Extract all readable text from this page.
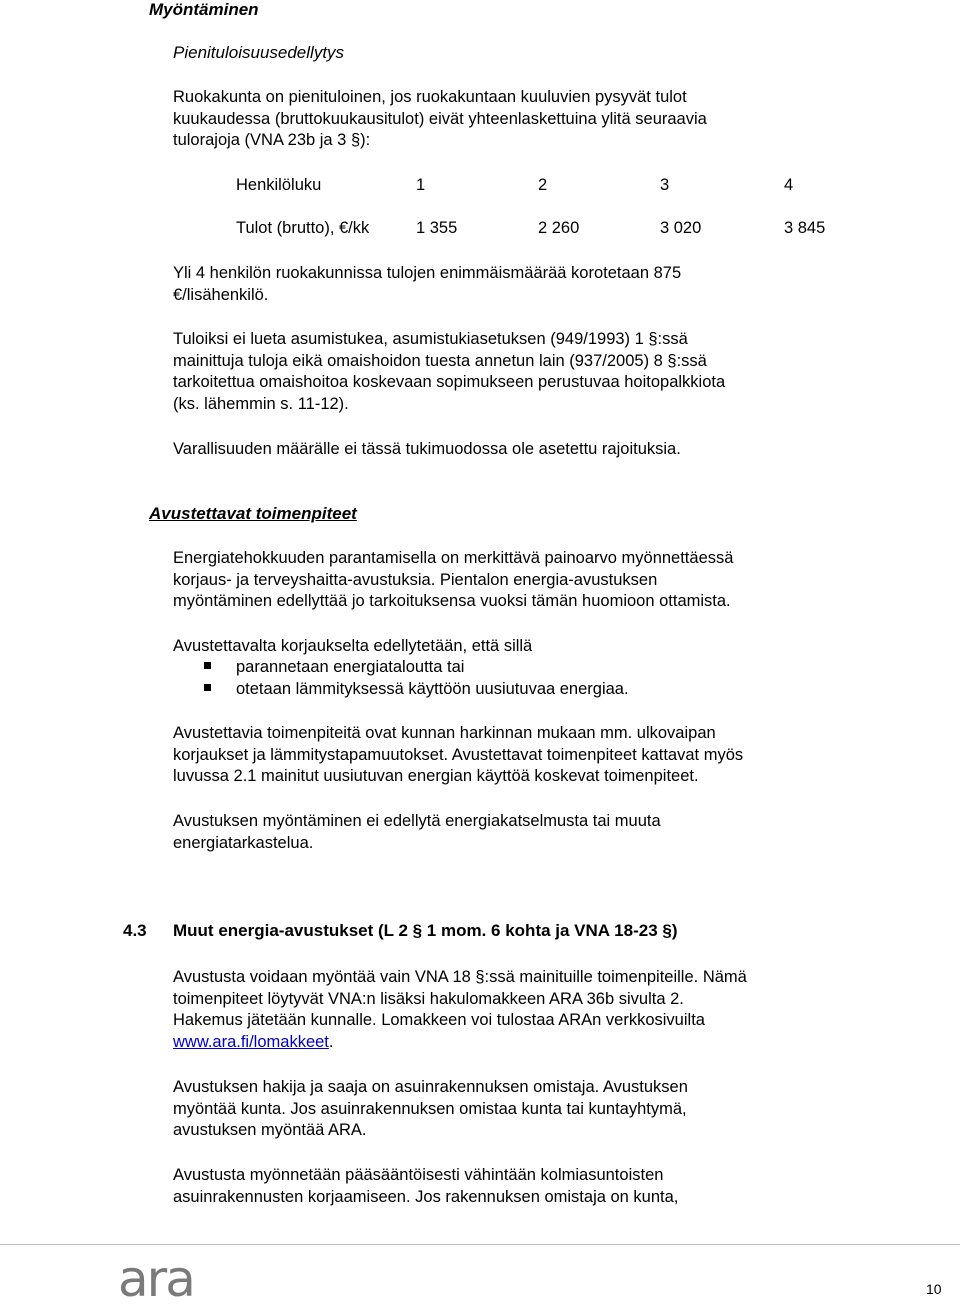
Myöntäminen
Pienituloisuusedellytys
Ruokakunta on pienituloinen, jos ruokakuntaan kuuluvien pysyvät tulot
kuukaudessa (bruttokuukausitulot) eivät yhteenlaskettuina ylitä seuraavia
tulorajoja (VNA 23b ja 3 §):
Henkilöluku	1	2	3	4
Tulot (brutto), €/kk	1 355	2 260	3 020	3 845
Yli 4 henkilön ruokakunnissa tulojen enimmäismäärää korotetaan 875
€/lisähenkilö.
Tuloiksi ei lueta asumistukea, asumistukiasetuksen (949/1993) 1 §:ssä
mainittuja tuloja eikä omaishoidon tuesta annetun lain (937/2005) 8 §:ssä
tarkoitettua omaishoitoa koskevaan sopimukseen perustuvaa hoitopalkkiota
(ks. lähemmin s. 11-12).
Varallisuuden määrälle ei tässä tukimuodossa ole asetettu rajoituksia.
Avustettavat toimenpiteet
Energiatehokkuuden parantamisella on merkittävä painoarvo myönnettäessä
korjaus- ja terveyshaitta-avustuksia. Pientalon energia-avustuksen
myöntäminen edellyttää jo tarkoituksensa vuoksi tämän huomioon ottamista.
Avustettavalta korjaukselta edellytetään, että sillä
parannetaan energiataloutta tai
otetaan lämmityksessä käyttöön uusiutuvaa energiaa.
Avustettavia toimenpiteitä ovat kunnan harkinnan mukaan mm. ulkovaipan
korjaukset ja lämmitystapamuutokset. Avustettavat toimenpiteet kattavat myös
luvussa 2.1 mainitut uusiutuvan energian käyttöä koskevat toimenpiteet.
Avustuksen myöntäminen ei edellytä energiakatselmusta tai muuta
energiatarkastelua.
4.3 Muut energia-avustukset (L 2 § 1 mom. 6 kohta ja VNA 18-23 §)
Avustusta voidaan myöntää vain VNA 18 §:ssä mainituille toimenpiteille. Nämä
toimenpiteet löytyvät VNA:n lisäksi hakulomakkeen ARA 36b sivulta 2.
Hakemus jätetään kunnalle. Lomakkeen voi tulostaa ARAn verkkosivuilta
www.ara.fi/lomakkeet.
Avustuksen hakija ja saaja on asuinrakennuksen omistaja. Avustuksen
myöntää kunta. Jos asuinrakennuksen omistaa kunta tai kuntayhtymä,
avustuksen myöntää ARA.
Avustusta myönnetään pääsääntöisesti vähintään kolmiasuntoisten
asuinrakennusten korjaamiseen. Jos rakennuksen omistaja on kunta,
ara	10
